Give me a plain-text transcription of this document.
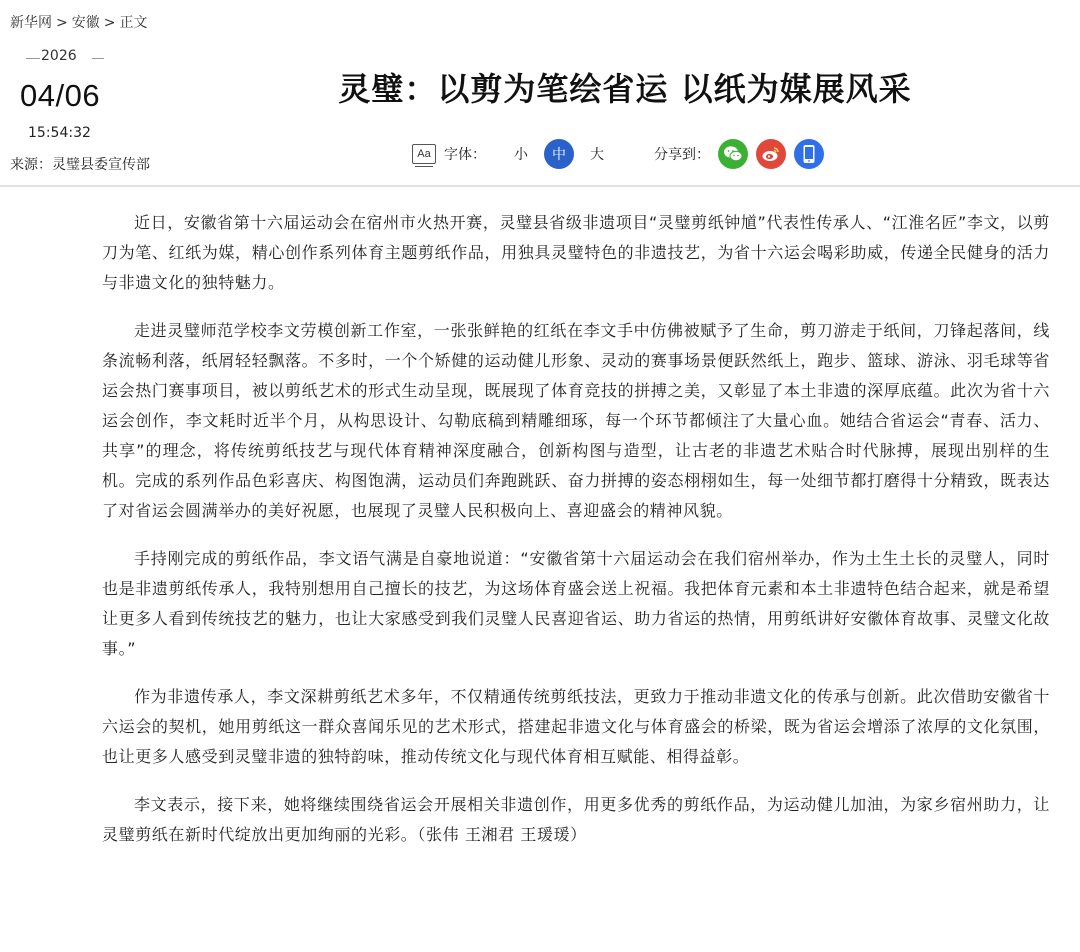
新华网 > 安徽 > 正文
2026
04/06
15:54:32
来源：灵璧县委宣传部
灵璧：以剪为笔绘省运 以纸为媒展风采
Aa 字体：	小	中	大	分享到：

近日，安徽省第十六届运动会在宿州市火热开赛，灵璧县省级非遗项目“灵璧剪纸钟馗”代表性传承人、“江淮名匠”李文，以剪刀为笔、红纸为媒，精心创作系列体育主题剪纸作品，用独具灵璧特色的非遗技艺，为省十六运会喝彩助威，传递全民健身的活力与非遗文化的独特魅力。

走进灵璧师范学校李文劳模创新工作室，一张张鲜艳的红纸在李文手中仿佛被赋予了生命，剪刀游走于纸间，刀锋起落间，线条流畅利落，纸屑轻轻飘落。不多时，一个个矫健的运动健儿形象、灵动的赛事场景便跃然纸上，跑步、篮球、游泳、羽毛球等省运会热门赛事项目，被以剪纸艺术的形式生动呈现，既展现了体育竞技的拼搏之美，又彰显了本土非遗的深厚底蕴。此次为省十六运会创作，李文耗时近半个月，从构思设计、勾勒底稿到精雕细琢，每一个环节都倾注了大量心血。她结合省运会“青春、活力、共享”的理念，将传统剪纸技艺与现代体育精神深度融合，创新构图与造型，让古老的非遗艺术贴合时代脉搏，展现出别样的生机。完成的系列作品色彩喜庆、构图饱满，运动员们奔跑跳跃、奋力拼搏的姿态栩栩如生，每一处细节都打磨得十分精致，既表达了对省运会圆满举办的美好祝愿，也展现了灵璧人民积极向上、喜迎盛会的精神风貌。

手持刚完成的剪纸作品，李文语气满是自豪地说道：“安徽省第十六届运动会在我们宿州举办，作为土生土长的灵璧人，同时也是非遗剪纸传承人，我特别想用自己擅长的技艺，为这场体育盛会送上祝福。我把体育元素和本土非遗特色结合起来，就是希望让更多人看到传统技艺的魅力，也让大家感受到我们灵璧人民喜迎省运、助力省运的热情，用剪纸讲好安徽体育故事、灵璧文化故事。”

作为非遗传承人，李文深耕剪纸艺术多年，不仅精通传统剪纸技法，更致力于推动非遗文化的传承与创新。此次借助安徽省十六运会的契机，她用剪纸这一群众喜闻乐见的艺术形式，搭建起非遗文化与体育盛会的桥梁，既为省运会增添了浓厚的文化氛围，也让更多人感受到灵璧非遗的独特韵味，推动传统文化与现代体育相互赋能、相得益彰。

李文表示，接下来，她将继续围绕省运会开展相关非遗创作，用更多优秀的剪纸作品，为运动健儿加油，为家乡宿州助力，让灵璧剪纸在新时代绽放出更加绚丽的光彩。（张伟 王湘君 王瑗瑗）
